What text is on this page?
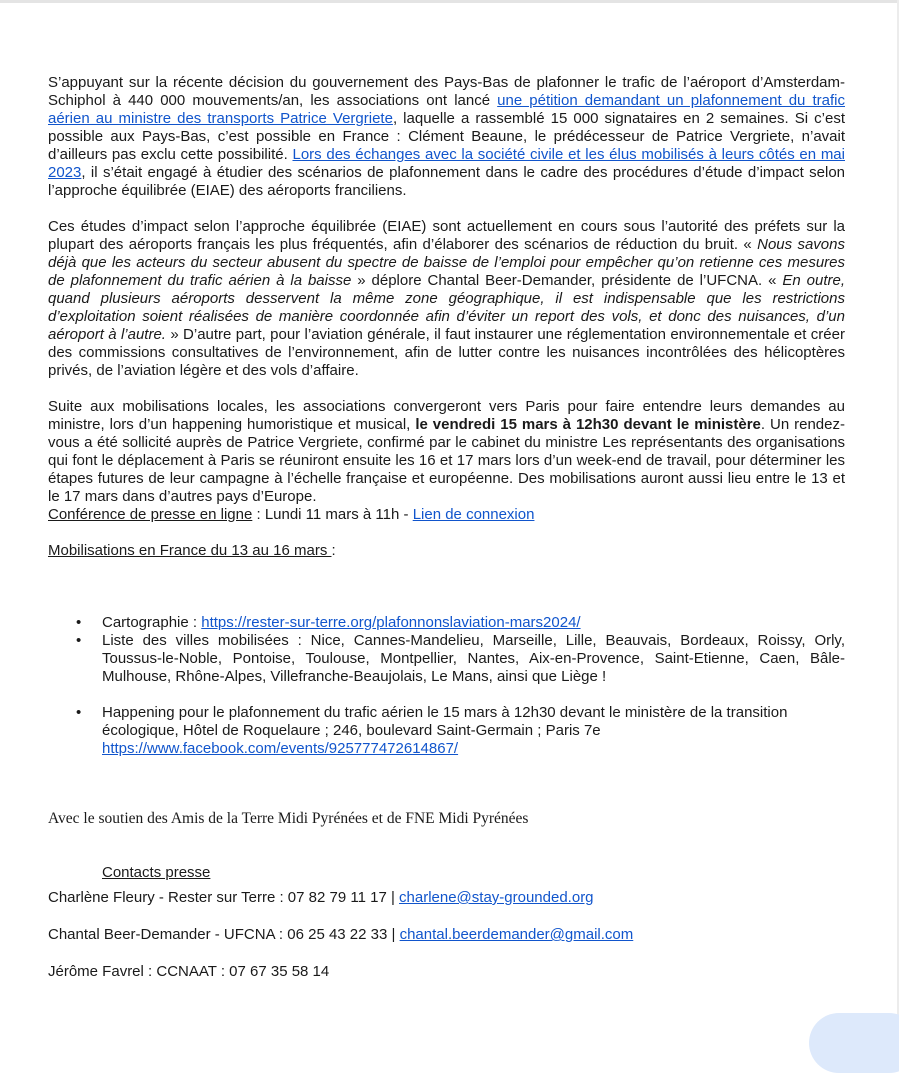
S’appuyant sur la récente décision du gouvernement des Pays-Bas de plafonner le trafic de l’aéroport d’Amsterdam-Schiphol à 440 000 mouvements/an, les associations ont lancé une pétition demandant un plafonnement du trafic aérien au ministre des transports Patrice Vergriete, laquelle a rassemblé 15 000 signataires en 2 semaines. Si c’est possible aux Pays-Bas, c’est possible en France : Clément Beaune, le prédécesseur de Patrice Vergriete, n’avait d’ailleurs pas exclu cette possibilité. Lors des échanges avec la société civile et les élus mobilisés à leurs côtés en mai 2023, il s’était engagé à étudier des scénarios de plafonnement dans le cadre des procédures d’étude d’impact selon l’approche équilibrée (EIAE) des aéroports franciliens.

Ces études d’impact selon l’approche équilibrée (EIAE) sont actuellement en cours sous l’autorité des préfets sur la plupart des aéroports français les plus fréquentés, afin d’élaborer des scénarios de réduction du bruit. « Nous savons déjà que les acteurs du secteur abusent du spectre de baisse de l’emploi pour empêcher qu’on retienne ces mesures de plafonnement du trafic aérien à la baisse » déplore Chantal Beer-Demander, présidente de l’UFCNA. « En outre, quand plusieurs aéroports desservent la même zone géographique, il est indispensable que les restrictions d’exploitation soient réalisées de manière coordonnée afin d’éviter un report des vols, et donc des nuisances, d’un aéroport à l’autre. » D’autre part, pour l’aviation générale, il faut instaurer une réglementation environnementale et créer des commissions consultatives de l’environnement, afin de lutter contre les nuisances incontrôlées des hélicoptères privés, de l’aviation légère et des vols d’affaire.

Suite aux mobilisations locales, les associations convergeront vers Paris pour faire entendre leurs demandes au ministre, lors d’un happening humoristique et musical, le vendredi 15 mars à 12h30 devant le ministère. Un rendez-vous a été sollicité auprès de Patrice Vergriete, confirmé par le cabinet du ministre Les représentants des organisations qui font le déplacement à Paris se réuniront ensuite les 16 et 17 mars lors d’un week-end de travail, pour déterminer les étapes futures de leur campagne à l’échelle française et européenne. Des mobilisations auront aussi lieu entre le 13 et le 17 mars dans d’autres pays d’Europe.

Conférence de presse en ligne : Lundi 11 mars à 11h - Lien de connexion

Mobilisations en France du 13 au 16 mars :

• Cartographie : https://rester-sur-terre.org/plafonnonslaviation-mars2024/
• Liste des villes mobilisées : Nice, Cannes-Mandelieu, Marseille, Lille, Beauvais, Bordeaux, Roissy, Orly, Toussus-le-Noble, Pontoise, Toulouse, Montpellier, Nantes, Aix-en-Provence, Saint-Etienne, Caen, Bâle-Mulhouse, Rhône-Alpes, Villefranche-Beaujolais, Le Mans, ainsi que Liège !
• Happening pour le plafonnement du trafic aérien le 15 mars à 12h30 devant le ministère de la transition écologique, Hôtel de Roquelaure ; 246, boulevard Saint-Germain ; Paris 7e
https://www.facebook.com/events/925777472614867/

Avec le soutien des Amis de la Terre Midi Pyrénées et de FNE Midi Pyrénées

Contacts presse

Charlène Fleury - Rester sur Terre : 07 82 79 11 17 | charlene@stay-grounded.org

Chantal Beer-Demander - UFCNA : 06 25 43 22 33 | chantal.beerdemander@gmail.com

Jérôme Favrel : CCNAAT : 07 67 35 58 14
